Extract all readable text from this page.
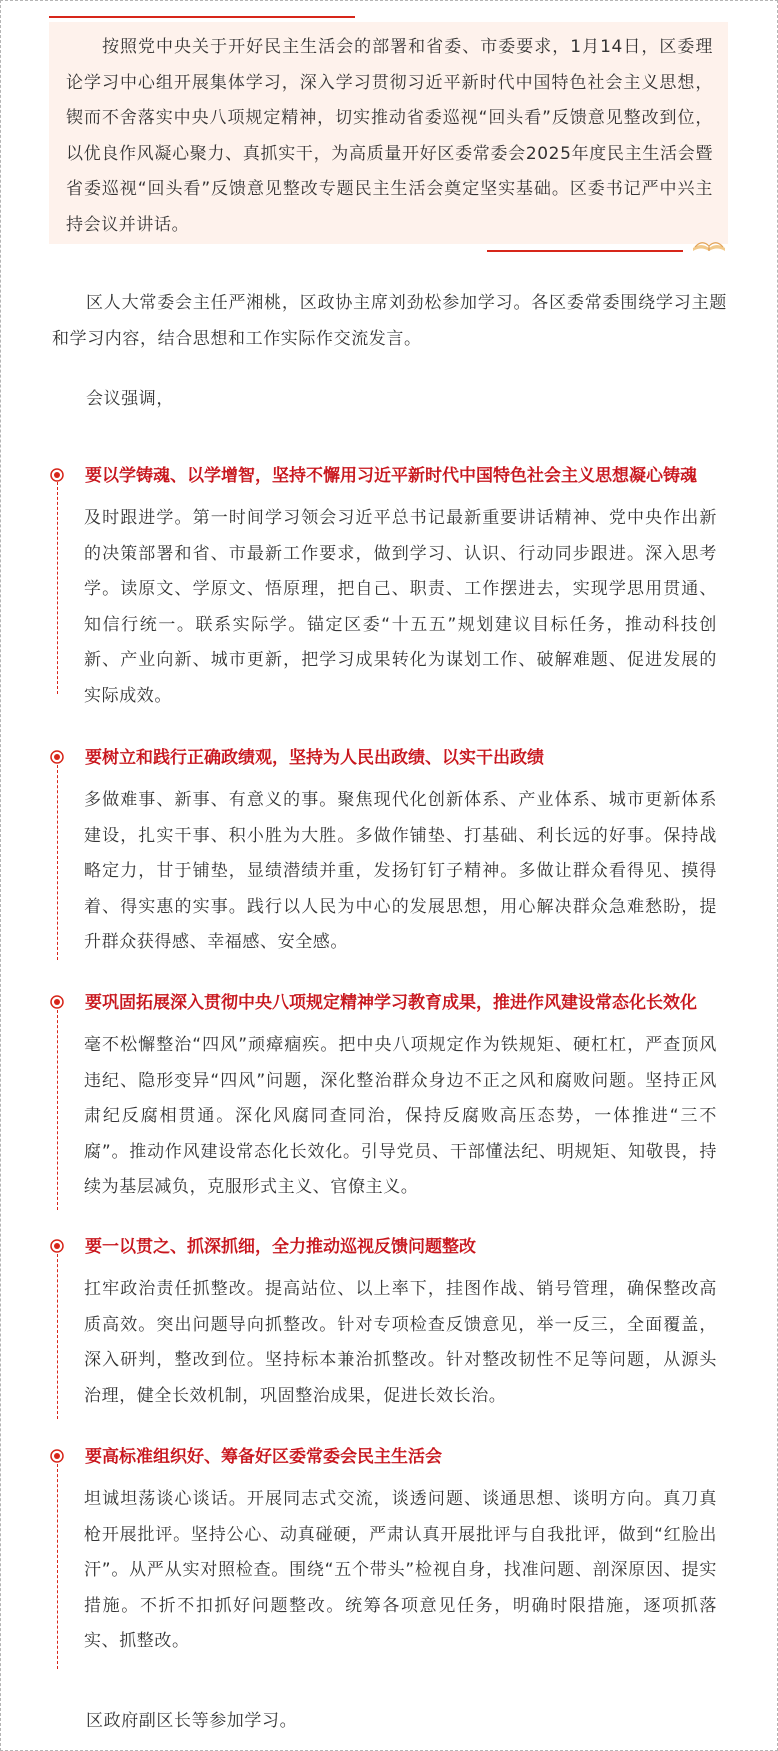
按照党中央关于开好民主生活会的部署和省委、市委要求，1月14日，区委理论学习中心组开展集体学习，深入学习贯彻习近平新时代中国特色社会主义思想，锲而不舍落实中央八项规定精神，切实推动省委巡视“回头看”反馈意见整改到位，以优良作风凝心聚力、真抓实干，为高质量开好区委常委会2025年度民主生活会暨省委巡视“回头看”反馈意见整改专题民主生活会奠定坚实基础。区委书记严中兴主持会议并讲话。

区人大常委会主任严湘桃，区政协主席刘劲松参加学习。各区委常委围绕学习主题和学习内容，结合思想和工作实际作交流发言。

会议强调，

要以学铸魂、以学增智，坚持不懈用习近平新时代中国特色社会主义思想凝心铸魂

及时跟进学。第一时间学习领会习近平总书记最新重要讲话精神、党中央作出新的决策部署和省、市最新工作要求，做到学习、认识、行动同步跟进。深入思考学。读原文、学原文、悟原理，把自己、职责、工作摆进去，实现学思用贯通、知信行统一。联系实际学。锚定区委“十五五”规划建议目标任务，推动科技创新、产业向新、城市更新，把学习成果转化为谋划工作、破解难题、促进发展的实际成效。

要树立和践行正确政绩观，坚持为人民出政绩、以实干出政绩

多做难事、新事、有意义的事。聚焦现代化创新体系、产业体系、城市更新体系建设，扎实干事、积小胜为大胜。多做作铺垫、打基础、利长远的好事。保持战略定力，甘于铺垫，显绩潜绩并重，发扬钉钉子精神。多做让群众看得见、摸得着、得实惠的实事。践行以人民为中心的发展思想，用心解决群众急难愁盼，提升群众获得感、幸福感、安全感。

要巩固拓展深入贯彻中央八项规定精神学习教育成果，推进作风建设常态化长效化

毫不松懈整治“四风”顽瘴痼疾。把中央八项规定作为铁规矩、硬杠杠，严查顶风违纪、隐形变异“四风”问题，深化整治群众身边不正之风和腐败问题。坚持正风肃纪反腐相贯通。深化风腐同查同治，保持反腐败高压态势，一体推进“三不腐”。推动作风建设常态化长效化。引导党员、干部懂法纪、明规矩、知敬畏，持续为基层减负，克服形式主义、官僚主义。

要一以贯之、抓深抓细，全力推动巡视反馈问题整改

扛牢政治责任抓整改。提高站位、以上率下，挂图作战、销号管理，确保整改高质高效。突出问题导向抓整改。针对专项检查反馈意见，举一反三，全面覆盖，深入研判，整改到位。坚持标本兼治抓整改。针对整改韧性不足等问题，从源头治理，健全长效机制，巩固整治成果，促进长效长治。

要高标准组织好、筹备好区委常委会民主生活会

坦诚坦荡谈心谈话。开展同志式交流，谈透问题、谈通思想、谈明方向。真刀真枪开展批评。坚持公心、动真碰硬，严肃认真开展批评与自我批评，做到“红脸出汗”。从严从实对照检查。围绕“五个带头”检视自身，找准问题、剖深原因、提实措施。不折不扣抓好问题整改。统筹各项意见任务，明确时限措施，逐项抓落实、抓整改。

区政府副区长等参加学习。
